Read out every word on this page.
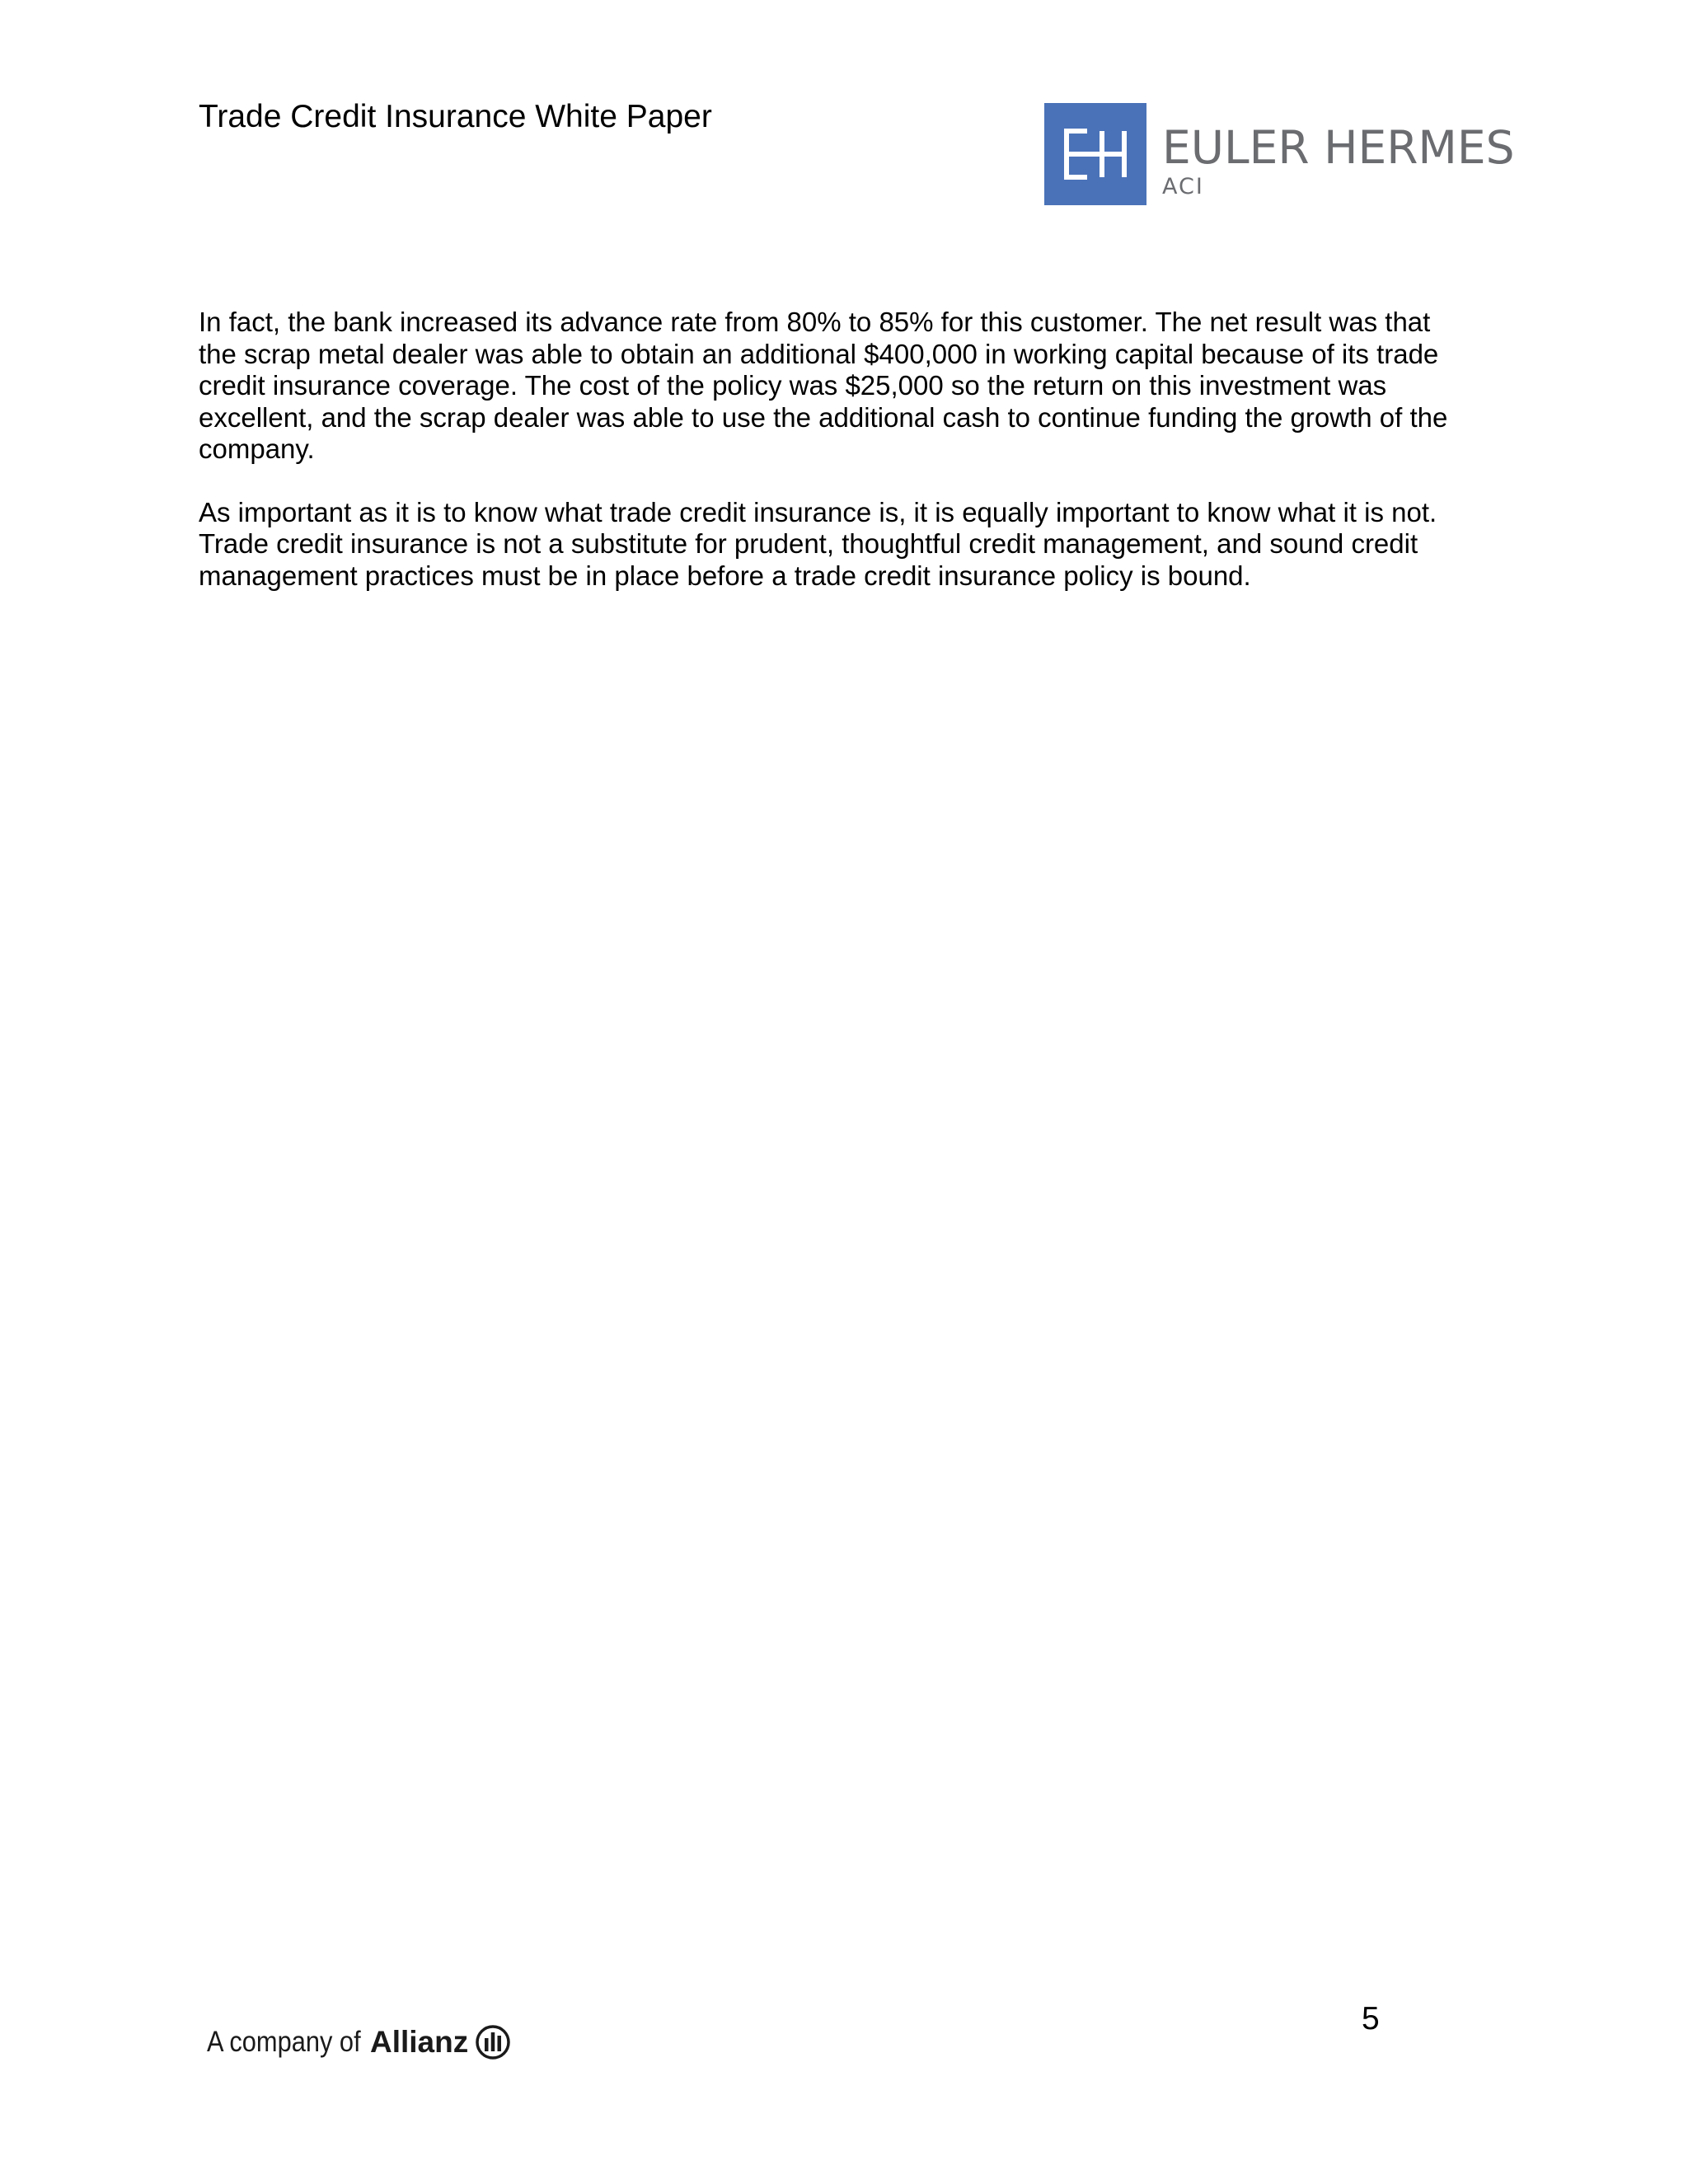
Trade Credit Insurance White Paper
EULER HERMES
ACI

In fact, the bank increased its advance rate from 80% to 85% for this customer. The net result was that
the scrap metal dealer was able to obtain an additional $400,000 in working capital because of its trade
credit insurance coverage. The cost of the policy was $25,000 so the return on this investment was
excellent, and the scrap dealer was able to use the additional cash to continue funding the growth of the
company.

As important as it is to know what trade credit insurance is, it is equally important to know what it is not.
Trade credit insurance is not a substitute for prudent, thoughtful credit management, and sound credit
management practices must be in place before a trade credit insurance policy is bound.

A company of Allianz
5
